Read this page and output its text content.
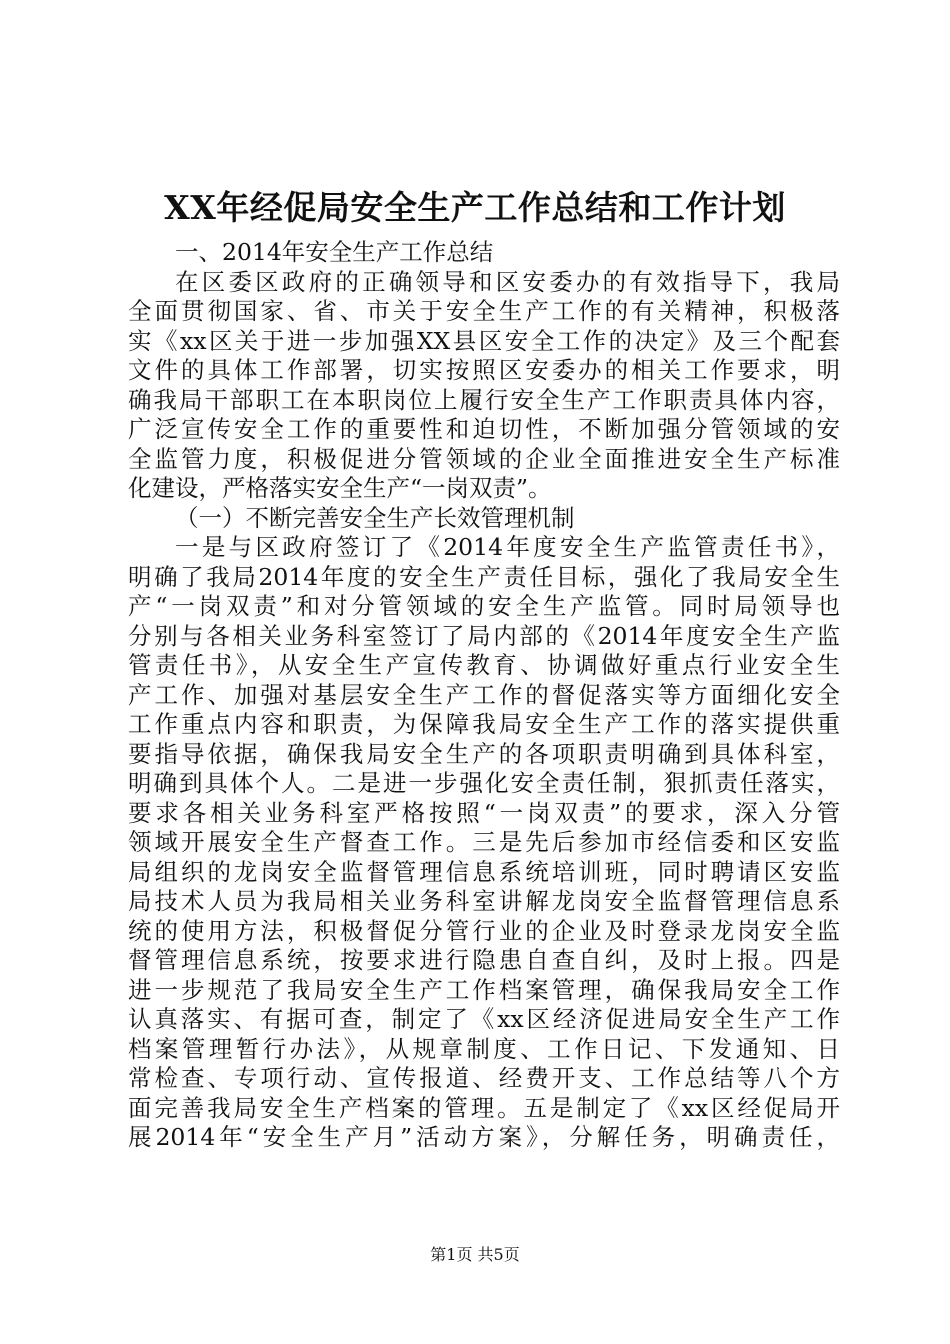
XX年经促局安全生产工作总结和工作计划
一、2014年安全生产工作总结
在区委区政府的正确领导和区安委办的有效指导下，我局
全面贯彻国家、省、市关于安全生产工作的有关精神，积极落
实《xx区关于进一步加强XX县区安全工作的决定》及三个配套
文件的具体工作部署，切实按照区安委办的相关工作要求，明
确我局干部职工在本职岗位上履行安全生产工作职责具体内容，
广泛宣传安全工作的重要性和迫切性，不断加强分管领域的安
全监管力度，积极促进分管领域的企业全面推进安全生产标准
化建设，严格落实安全生产“一岗双责”。
（一）不断完善安全生产长效管理机制
一是与区政府签订了《2014年度安全生产监管责任书》，
明确了我局2014年度的安全生产责任目标，强化了我局安全生
产“一岗双责”和对分管领域的安全生产监管。同时局领导也
分别与各相关业务科室签订了局内部的《2014年度安全生产监
管责任书》，从安全生产宣传教育、协调做好重点行业安全生
产工作、加强对基层安全生产工作的督促落实等方面细化安全
工作重点内容和职责，为保障我局安全生产工作的落实提供重
要指导依据，确保我局安全生产的各项职责明确到具体科室，
明确到具体个人。二是进一步强化安全责任制，狠抓责任落实，
要求各相关业务科室严格按照“一岗双责”的要求，深入分管
领域开展安全生产督查工作。三是先后参加市经信委和区安监
局组织的龙岗安全监督管理信息系统培训班，同时聘请区安监
局技术人员为我局相关业务科室讲解龙岗安全监督管理信息系
统的使用方法，积极督促分管行业的企业及时登录龙岗安全监
督管理信息系统，按要求进行隐患自查自纠，及时上报。四是
进一步规范了我局安全生产工作档案管理，确保我局安全工作
认真落实、有据可查，制定了《xx区经济促进局安全生产工作
档案管理暂行办法》，从规章制度、工作日记、下发通知、日
常检查、专项行动、宣传报道、经费开支、工作总结等八个方
面完善我局安全生产档案的管理。五是制定了《xx区经促局开
展2014年“安全生产月”活动方案》，分解任务，明确责任，
第1页 共5页
